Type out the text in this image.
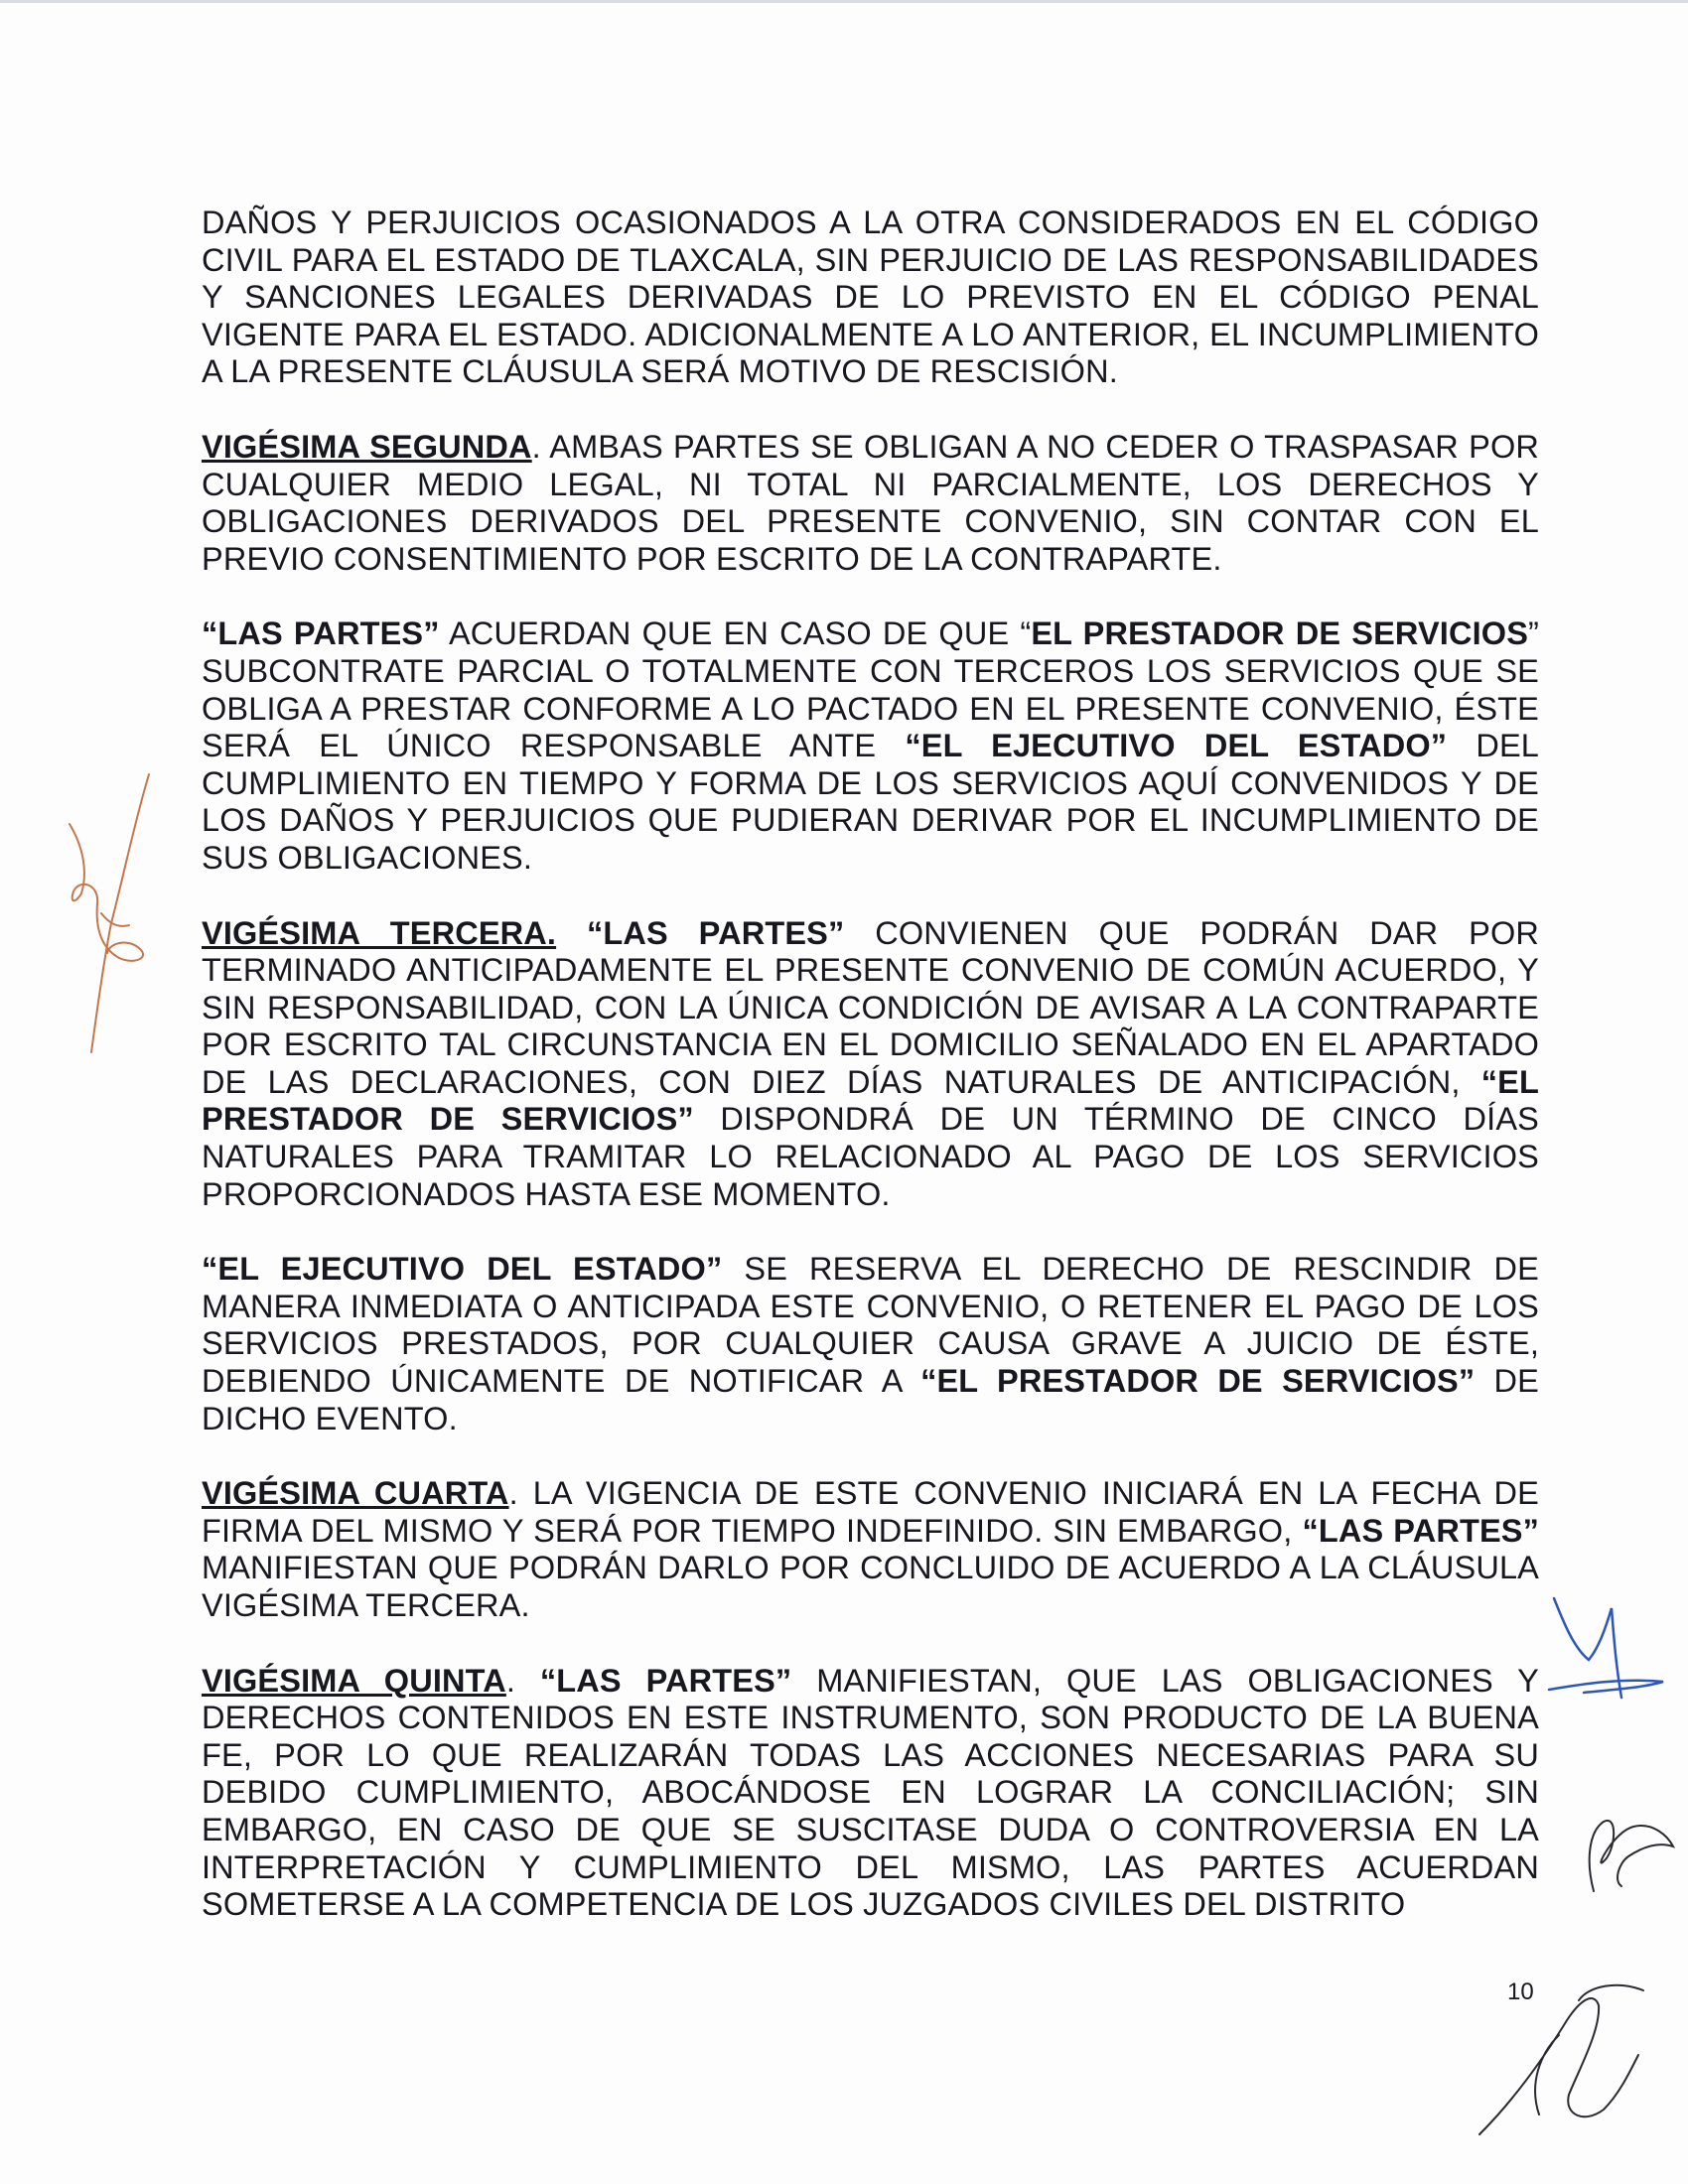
DAÑOS Y PERJUICIOS OCASIONADOS A LA OTRA CONSIDERADOS EN EL CÓDIGO CIVIL PARA EL ESTADO DE TLAXCALA, SIN PERJUICIO DE LAS RESPONSABILIDADES Y SANCIONES LEGALES DERIVADAS DE LO PREVISTO EN EL CÓDIGO PENAL VIGENTE PARA EL ESTADO. ADICIONALMENTE A LO ANTERIOR, EL INCUMPLIMIENTO A LA PRESENTE CLÁUSULA SERÁ MOTIVO DE RESCISIÓN.

VIGÉSIMA SEGUNDA. AMBAS PARTES SE OBLIGAN A NO CEDER O TRASPASAR POR CUALQUIER MEDIO LEGAL, NI TOTAL NI PARCIALMENTE, LOS DERECHOS Y OBLIGACIONES DERIVADOS DEL PRESENTE CONVENIO, SIN CONTAR CON EL PREVIO CONSENTIMIENTO POR ESCRITO DE LA CONTRAPARTE.

“LAS PARTES” ACUERDAN QUE EN CASO DE QUE “EL PRESTADOR DE SERVICIOS” SUBCONTRATE PARCIAL O TOTALMENTE CON TERCEROS LOS SERVICIOS QUE SE OBLIGA A PRESTAR CONFORME A LO PACTADO EN EL PRESENTE CONVENIO, ÉSTE SERÁ EL ÚNICO RESPONSABLE ANTE “EL EJECUTIVO DEL ESTADO” DEL CUMPLIMIENTO EN TIEMPO Y FORMA DE LOS SERVICIOS AQUÍ CONVENIDOS Y DE LOS DAÑOS Y PERJUICIOS QUE PUDIERAN DERIVAR POR EL INCUMPLIMIENTO DE SUS OBLIGACIONES.

VIGÉSIMA TERCERA. “LAS PARTES” CONVIENEN QUE PODRÁN DAR POR TERMINADO ANTICIPADAMENTE EL PRESENTE CONVENIO DE COMÚN ACUERDO, Y SIN RESPONSABILIDAD, CON LA ÚNICA CONDICIÓN DE AVISAR A LA CONTRAPARTE POR ESCRITO TAL CIRCUNSTANCIA EN EL DOMICILIO SEÑALADO EN EL APARTADO DE LAS DECLARACIONES, CON DIEZ DÍAS NATURALES DE ANTICIPACIÓN, “EL PRESTADOR DE SERVICIOS” DISPONDRÁ DE UN TÉRMINO DE CINCO DÍAS NATURALES PARA TRAMITAR LO RELACIONADO AL PAGO DE LOS SERVICIOS PROPORCIONADOS HASTA ESE MOMENTO.

“EL EJECUTIVO DEL ESTADO” SE RESERVA EL DERECHO DE RESCINDIR DE MANERA INMEDIATA O ANTICIPADA ESTE CONVENIO, O RETENER EL PAGO DE LOS SERVICIOS PRESTADOS, POR CUALQUIER CAUSA GRAVE A JUICIO DE ÉSTE, DEBIENDO ÚNICAMENTE DE NOTIFICAR A “EL PRESTADOR DE SERVICIOS” DE DICHO EVENTO.

VIGÉSIMA CUARTA. LA VIGENCIA DE ESTE CONVENIO INICIARÁ EN LA FECHA DE FIRMA DEL MISMO Y SERÁ POR TIEMPO INDEFINIDO. SIN EMBARGO, “LAS PARTES” MANIFIESTAN QUE PODRÁN DARLO POR CONCLUIDO DE ACUERDO A LA CLÁUSULA VIGÉSIMA TERCERA.

VIGÉSIMA QUINTA. “LAS PARTES” MANIFIESTAN, QUE LAS OBLIGACIONES Y DERECHOS CONTENIDOS EN ESTE INSTRUMENTO, SON PRODUCTO DE LA BUENA FE, POR LO QUE REALIZARÁN TODAS LAS ACCIONES NECESARIAS PARA SU DEBIDO CUMPLIMIENTO, ABOCÁNDOSE EN LOGRAR LA CONCILIACIÓN; SIN EMBARGO, EN CASO DE QUE SE SUSCITASE DUDA O CONTROVERSIA EN LA INTERPRETACIÓN Y CUMPLIMIENTO DEL MISMO, LAS PARTES ACUERDAN SOMETERSE A LA COMPETENCIA DE LOS JUZGADOS CIVILES DEL DISTRITO

10
